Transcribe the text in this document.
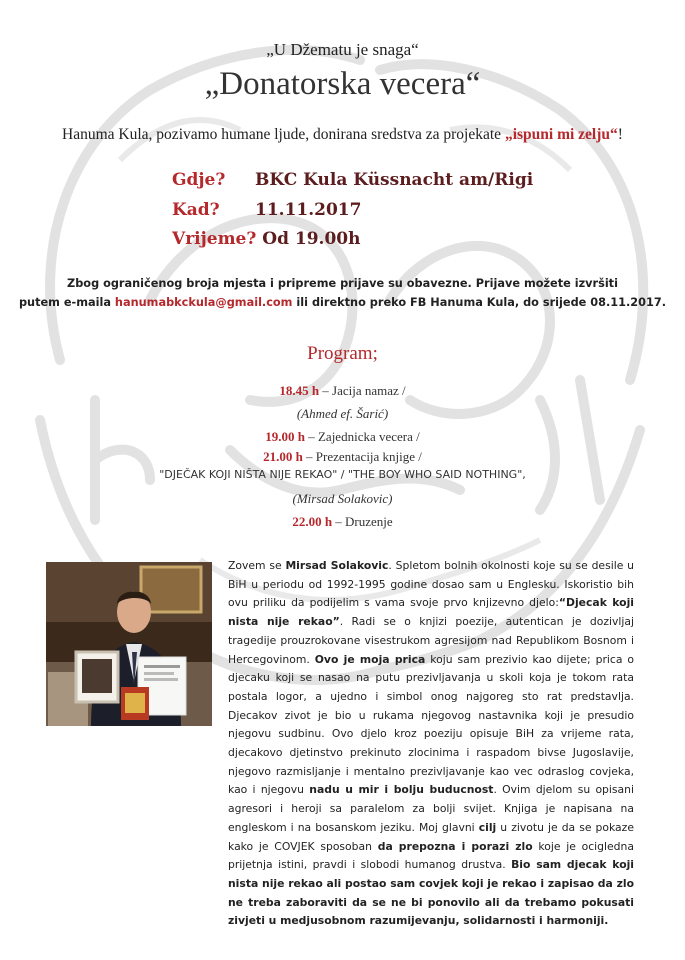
„U Džematu je snaga“
„Donatorska vecera“
Hanuma Kula, pozivamo humane ljude, donirana sredstva za projekate „ispuni mi zelju“!
Gdje? BKC Kula Küssnacht am/Rigi
Kad? 11.11.2017
Vrijeme? Od 19.00h
Zbog ograničenog broja mjesta i pripreme prijave su obavezne. Prijave možete izvršiti
putem e-maila hanumabkckula@gmail.com ili direktno preko FB Hanuma Kula, do srijede 08.11.2017.
Program;
18.45 h – Jacija namaz /
(Ahmed ef. Šarić)
19.00 h – Zajednicka vecera /
21.00 h – Prezentacija knjige /
"DJEČAK KOJI NIŠTA NIJE REKAO" / "THE BOY WHO SAID NOTHING",
(Mirsad Solakovic)
22.00 h – Druzenje
Zovem se Mirsad Solakovic. Spletom bolnih okolnosti koje su se desile u BiH u periodu od 1992-1995 godine dosao sam u Englesku. Iskoristio bih ovu priliku da podijelim s vama svoje prvo knjizevno djelo:“Djecak koji nista nije rekao”. Radi se o knjizi poezije, autentican je dozivljaj tragedije prouzrokovane visestrukom agresijom nad Republikom Bosnom i Hercegovinom. Ovo je moja prica koju sam prezivio kao dijete; prica o djecaku koji se nasao na putu prezivljavanja u skoli koja je tokom rata postala logor, a ujedno i simbol onog najgoreg sto rat predstavlja. Djecakov zivot je bio u rukama njegovog nastavnika koji je presudio njegovu sudbinu. Ovo djelo kroz poeziju opisuje BiH za vrijeme rata, djecakovo djetinstvo prekinuto zlocinima i raspadom bivse Jugoslavije, njegovo razmisljanje i mentalno prezivljavanje kao vec odraslog covjeka, kao i njegovu nadu u mir i bolju buducnost. Ovim djelom su opisani agresori i heroji sa paralelom za bolji svijet. Knjiga je napisana na engleskom i na bosanskom jeziku. Moj glavni cilj u zivotu je da se pokaze kako je COVJEK sposoban da prepozna i porazi zlo koje je ocigledna prijetnja istini, pravdi i slobodi humanog drustva. Bio sam djecak koji nista nije rekao ali postao sam covjek koji je rekao i zapisao da zlo ne treba zaboraviti da se ne bi ponovilo ali da trebamo pokusati zivjeti u medjusobnom razumijevanju, solidarnosti i harmoniji.
